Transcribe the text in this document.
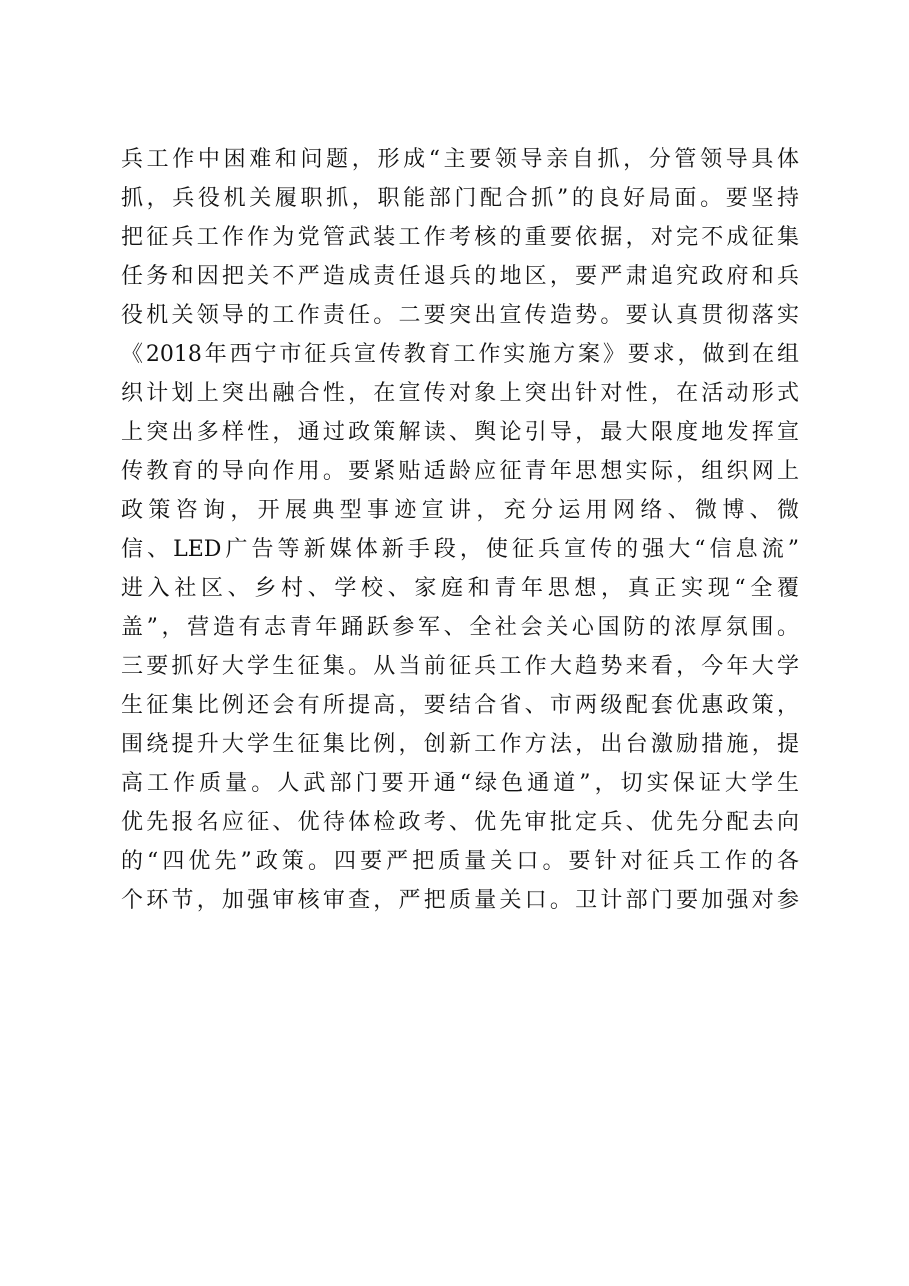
兵工作中困难和问题，形成“主要领导亲自抓，分管领导具体
抓，兵役机关履职抓，职能部门配合抓”的良好局面。要坚持
把征兵工作作为党管武装工作考核的重要依据，对完不成征集
任务和因把关不严造成责任退兵的地区，要严肃追究政府和兵
役机关领导的工作责任。二要突出宣传造势。要认真贯彻落实
《2018年西宁市征兵宣传教育工作实施方案》要求，做到在组
织计划上突出融合性，在宣传对象上突出针对性，在活动形式
上突出多样性，通过政策解读、舆论引导，最大限度地发挥宣
传教育的导向作用。要紧贴适龄应征青年思想实际，组织网上
政策咨询，开展典型事迹宣讲，充分运用网络、微博、微
信、LED广告等新媒体新手段，使征兵宣传的强大“信息流”
进入社区、乡村、学校、家庭和青年思想，真正实现“全覆
盖”，营造有志青年踊跃参军、全社会关心国防的浓厚氛围。
三要抓好大学生征集。从当前征兵工作大趋势来看，今年大学
生征集比例还会有所提高，要结合省、市两级配套优惠政策，
围绕提升大学生征集比例，创新工作方法，出台激励措施，提
高工作质量。人武部门要开通“绿色通道”，切实保证大学生
优先报名应征、优待体检政考、优先审批定兵、优先分配去向
的“四优先”政策。四要严把质量关口。要针对征兵工作的各
个环节，加强审核审查，严把质量关口。卫计部门要加强对参
